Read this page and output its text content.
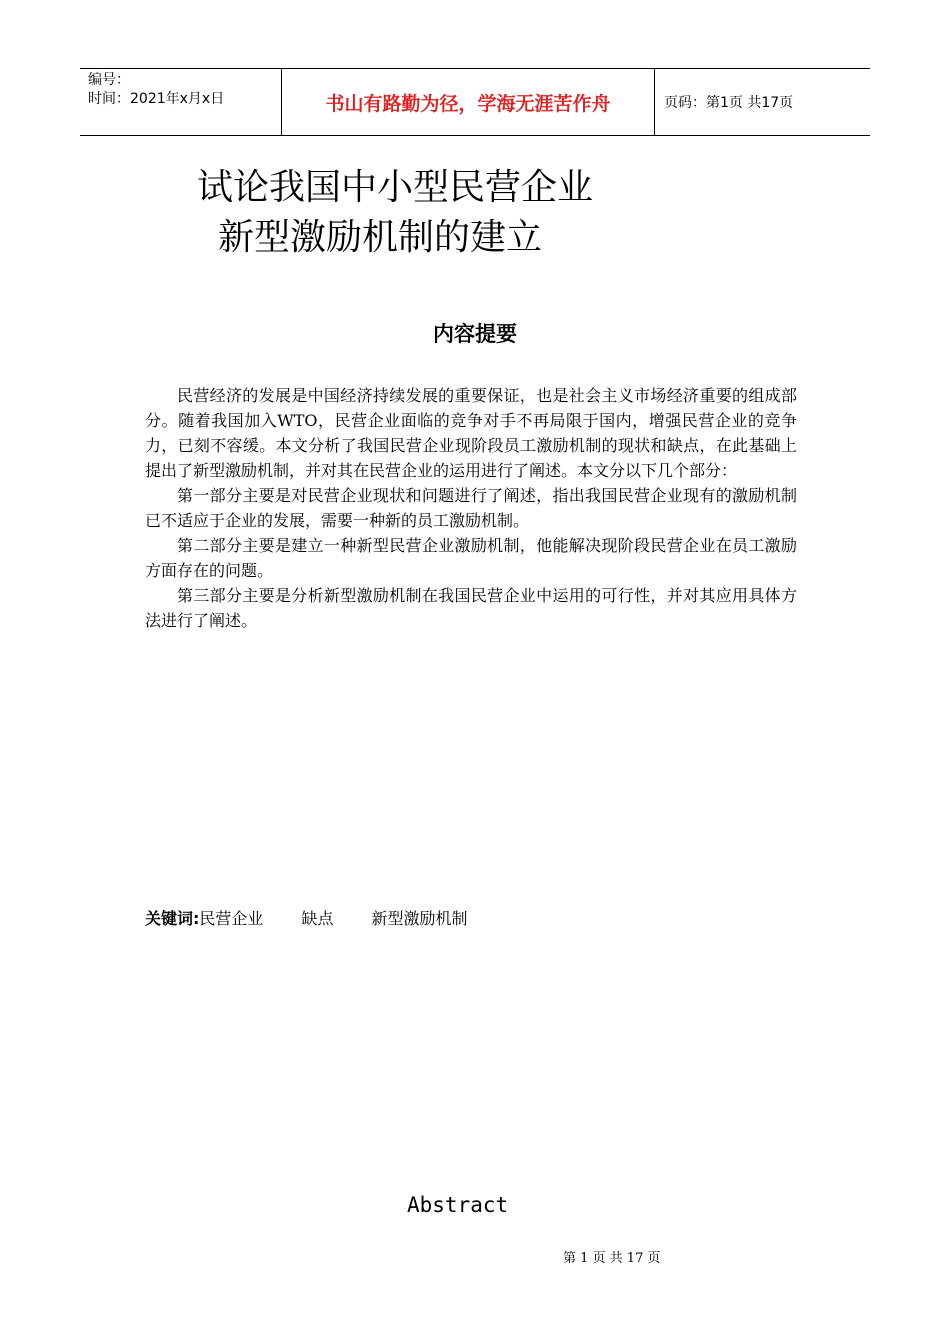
编号：
时间：2021年x月x日	书山有路勤为径，学海无涯苦作舟	页码：第1页 共17页
试论我国中小型民营企业
新型激励机制的建立
内容提要

民营经济的发展是中国经济持续发展的重要保证，也是社会主义市场经济重要的组成部分。随着我国加入WTO，民营企业面临的竞争对手不再局限于国内，增强民营企业的竞争力，已刻不容缓。本文分析了我国民营企业现阶段员工激励机制的现状和缺点，在此基础上提出了新型激励机制，并对其在民营企业的运用进行了阐述。本文分以下几个部分：

第一部分主要是对民营企业现状和问题进行了阐述，指出我国民营企业现有的激励机制已不适应于企业的发展，需要一种新的员工激励机制。

第二部分主要是建立一种新型民营企业激励机制，他能解决现阶段民营企业在员工激励方面存在的问题。

第三部分主要是分析新型激励机制在我国民营企业中运用的可行性，并对其应用具体方法进行了阐述。

关键词:民营企业 缺点 新型激励机制
Abstract
第 1 页 共 17 页
